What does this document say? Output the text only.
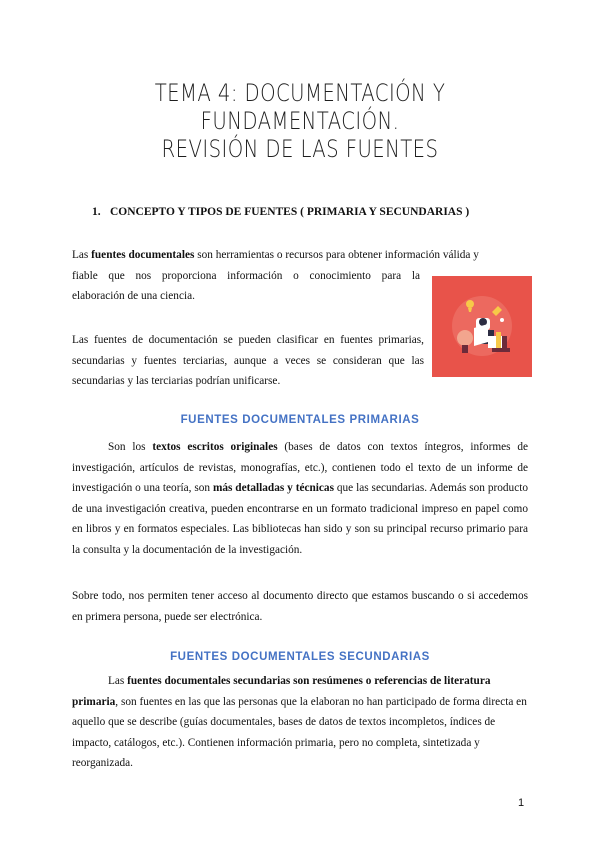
TEMA 4: DOCUMENTACIÓN Y FUNDAMENTACIÓN.
REVISIÓN DE LAS FUENTES
1. CONCEPTO Y TIPOS DE FUENTES ( PRIMARIA Y SECUNDARIAS )

Las fuentes documentales son herramientas o recursos para obtener información válida y
fiable que nos proporciona información o conocimiento para la
elaboración de una ciencia.

Las fuentes de documentación se pueden clasificar en fuentes primarias, secundarias y fuentes terciarias, aunque a veces se consideran que las secundarias y las terciarias podrían unificarse.

FUENTES DOCUMENTALES PRIMARIAS

Son los textos escritos originales (bases de datos con textos íntegros, informes de investigación, artículos de revistas, monografías, etc.), contienen todo el texto de un informe de investigación o una teoría, son más detalladas y técnicas que las secundarias. Además son producto de una investigación creativa, pueden encontrarse en un formato tradicional impreso en papel como en libros y en formatos especiales. Las bibliotecas han sido y son su principal recurso primario para la consulta y la documentación de la investigación.

Sobre todo, nos permiten tener acceso al documento directo que estamos buscando o si accedemos en primera persona, puede ser electrónica.

FUENTES DOCUMENTALES SECUNDARIAS

Las fuentes documentales secundarias son resúmenes o referencias de literatura primaria, son fuentes en las que las personas que la elaboran no han participado de forma directa en aquello que se describe (guías documentales, bases de datos de textos incompletos, índices de impacto, catálogos, etc.). Contienen información primaria, pero no completa, sintetizada y reorganizada.

1
